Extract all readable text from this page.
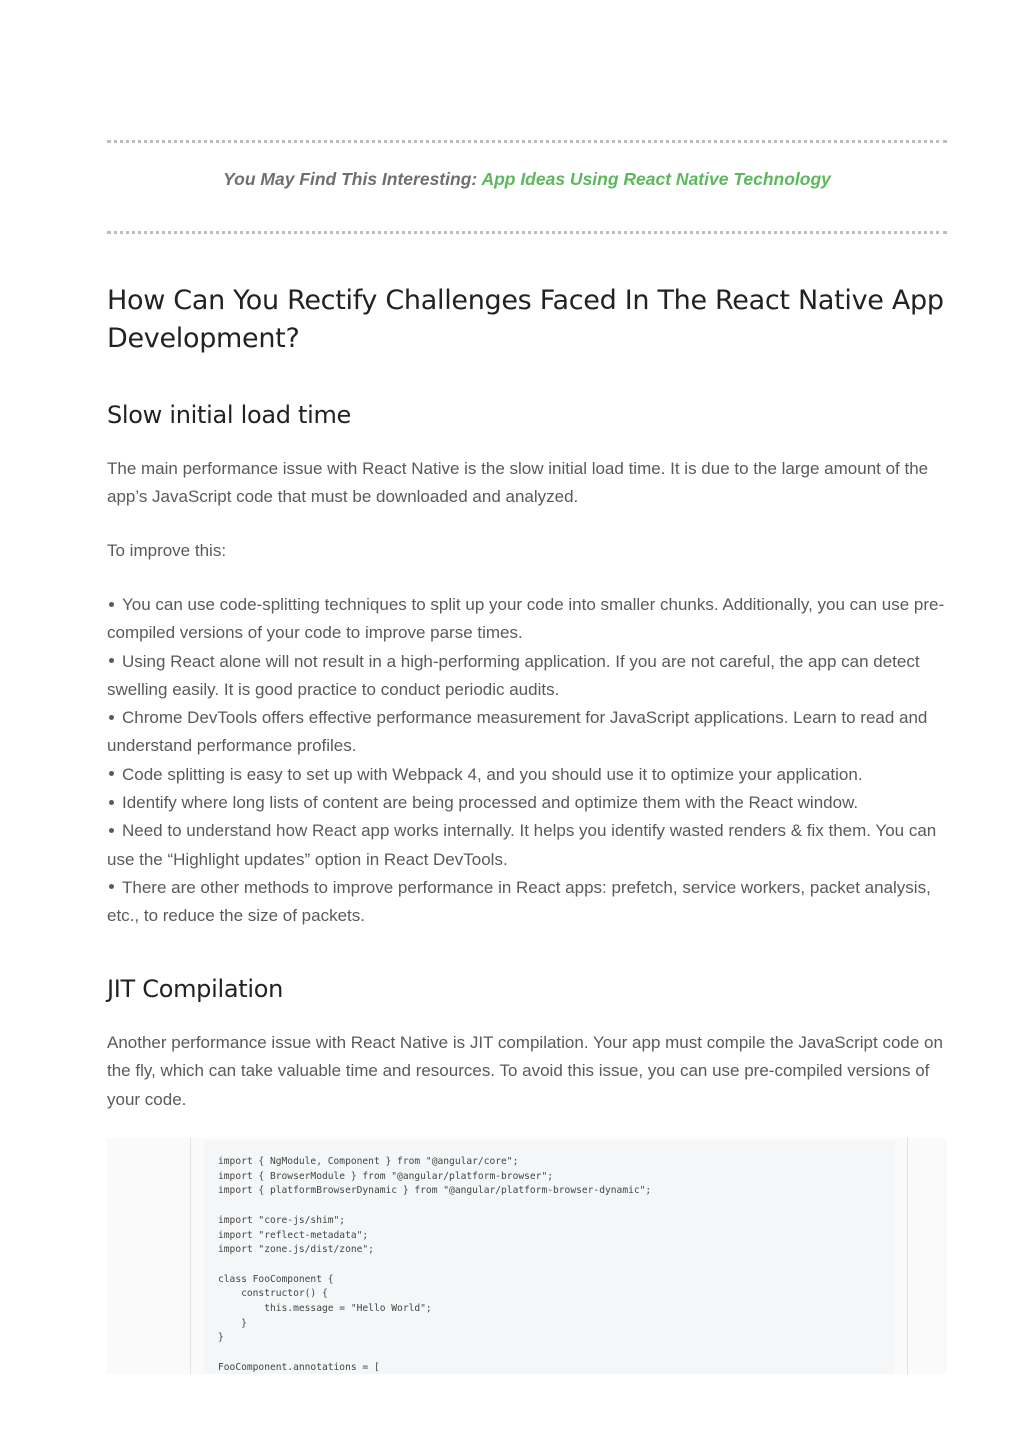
You May Find This Interesting: App Ideas Using React Native Technology
How Can You Rectify Challenges Faced In The React Native App Development?
Slow initial load time

The main performance issue with React Native is the slow initial load time. It is due to the large amount of the app’s JavaScript code that must be downloaded and analyzed.

To improve this:

You can use code-splitting techniques to split up your code into smaller chunks. Additionally, you can use pre-compiled versions of your code to improve parse times.
Using React alone will not result in a high-performing application. If you are not careful, the app can detect swelling easily. It is good practice to conduct periodic audits.
Chrome DevTools offers effective performance measurement for JavaScript applications. Learn to read and understand performance profiles.
Code splitting is easy to set up with Webpack 4, and you should use it to optimize your application.
Identify where long lists of content are being processed and optimize them with the React window.
Need to understand how React app works internally. It helps you identify wasted renders & fix them. You can use the “Highlight updates” option in React DevTools.
There are other methods to improve performance in React apps: prefetch, service workers, packet analysis, etc., to reduce the size of packets.
JIT Compilation

Another performance issue with React Native is JIT compilation. Your app must compile the JavaScript code on the fly, which can take valuable time and resources. To avoid this issue, you can use pre-compiled versions of your code.

import { NgModule, Component } from "@angular/core";
import { BrowserModule } from "@angular/platform-browser";
import { platformBrowserDynamic } from "@angular/platform-browser-dynamic";

import "core-js/shim";
import "reflect-metadata";
import "zone.js/dist/zone";

class FooComponent {
constructor() {
this.message = "Hello World";
}
}

FooComponent.annotations = [
